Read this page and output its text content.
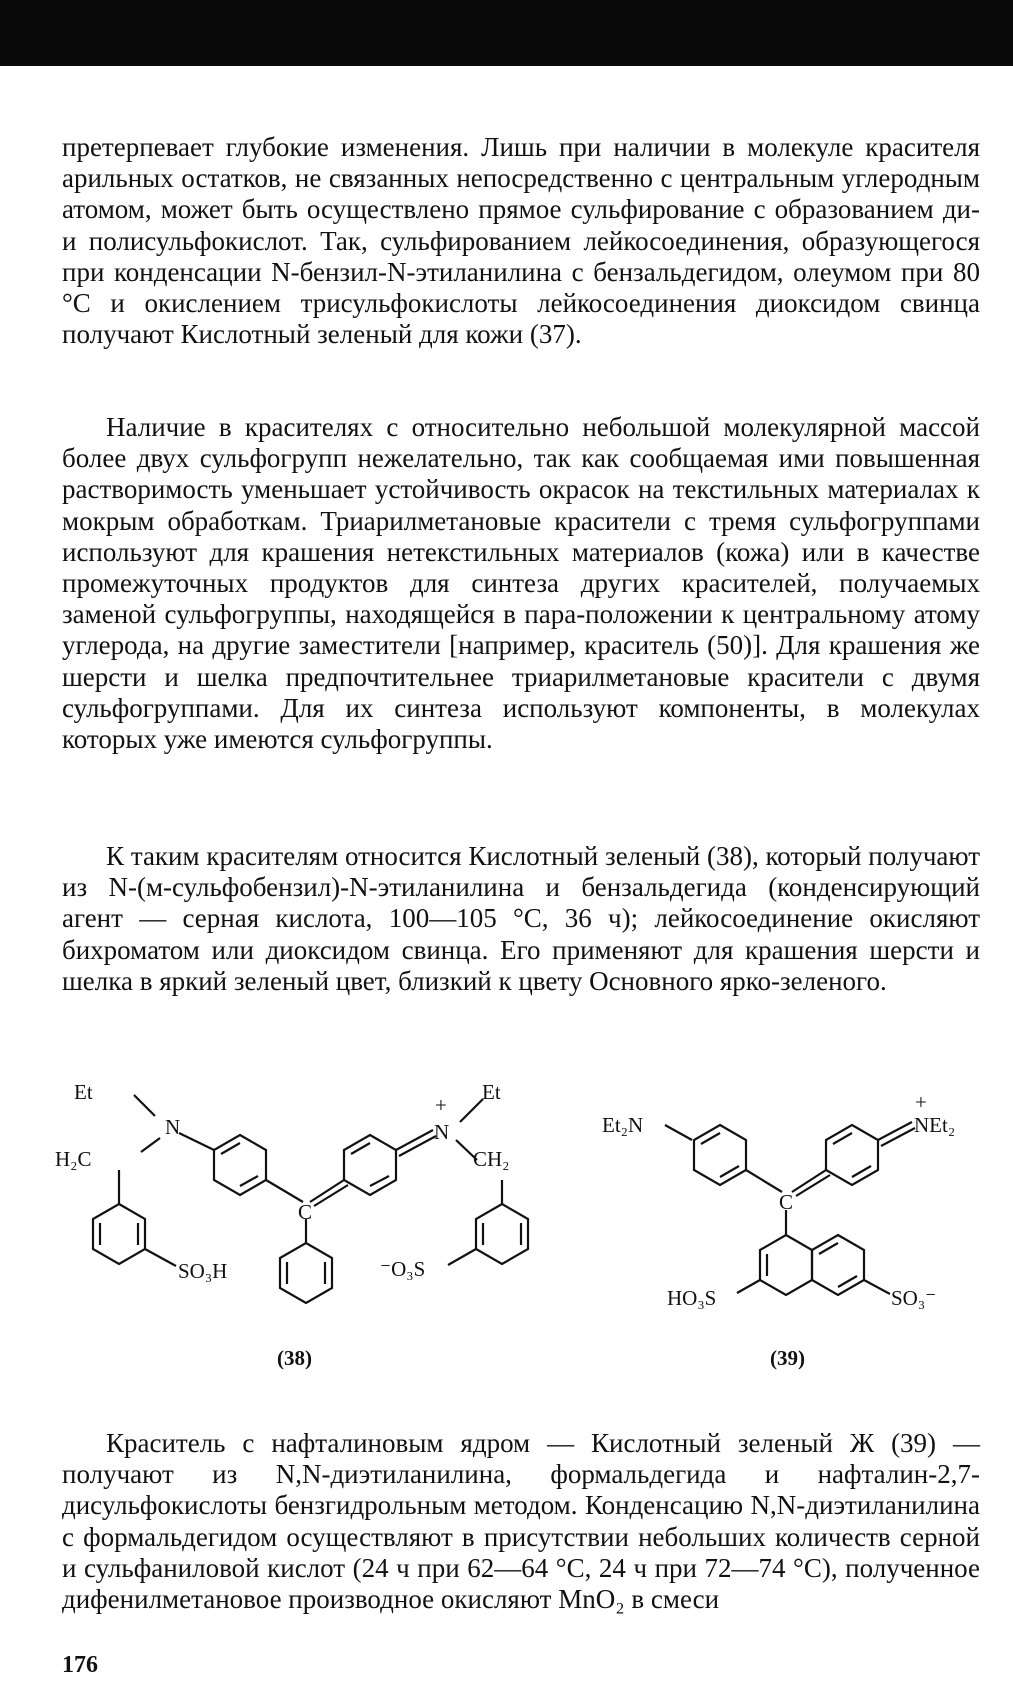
претерпевает глубокие изменения. Лишь при наличии в молекуле красителя арильных остатков, не связанных непосредственно с центральным углеродным атомом, может быть осуществлено прямое сульфирование с образованием ди- и полисульфокислот. Так, сульфированием лейкосоединения, образующегося при конденсации N-бензил-N-этиланилина с бензальдегидом, олеумом при 80 °С и окислением трисульфокислоты лейкосоединения диоксидом свинца получают Кислотный зеленый для кожи (37).

Наличие в красителях с относительно небольшой молекулярной массой более двух сульфогрупп нежелательно, так как сообщаемая ими повышенная растворимость уменьшает устойчивость окрасок на текстильных материалах к мокрым обработкам. Триарилметановые красители с тремя сульфогруппами используют для крашения нетекстильных материалов (кожа) или в качестве промежуточных продуктов для синтеза других красителей, получаемых заменой сульфогруппы, находящейся в пара-положении к центральному атому углерода, на другие заместители [например, краситель (50)]. Для крашения же шерсти и шелка предпочтительнее триарилметановые красители с двумя сульфогруппами. Для их синтеза используют компоненты, в молекулах которых уже имеются сульфогруппы.

К таким красителям относится Кислотный зеленый (38), который получают из N-(м-сульфобензил)-N-этиланилина и бензальдегида (конденсирующий агент — серная кислота, 100—105 °С, 36 ч); лейкосоединение окисляют бихроматом или диоксидом свинца. Его применяют для крашения шерсти и шелка в яркий зеленый цвет, близкий к цвету Основного ярко-зеленого.

Et
N
H₂C
Et
+
N
CH₂
C
SO₃H	⁻O₃S
(38)
Et₂N
+
NEt₂
C
HO₃S	SO₃⁻
(39)

Краситель с нафталиновым ядром — Кислотный зеленый Ж (39) — получают из N,N-диэтиланилина, формальдегида и нафталин-2,7-дисульфокислоты бензгидрольным методом. Конденсацию N,N-диэтиланилина с формальдегидом осуществляют в присутствии небольших количеств серной и сульфаниловой кислот (24 ч при 62—64 °С, 24 ч при 72—74 °С), полученное дифенилметановое производное окисляют MnO₂ в смеси

176
